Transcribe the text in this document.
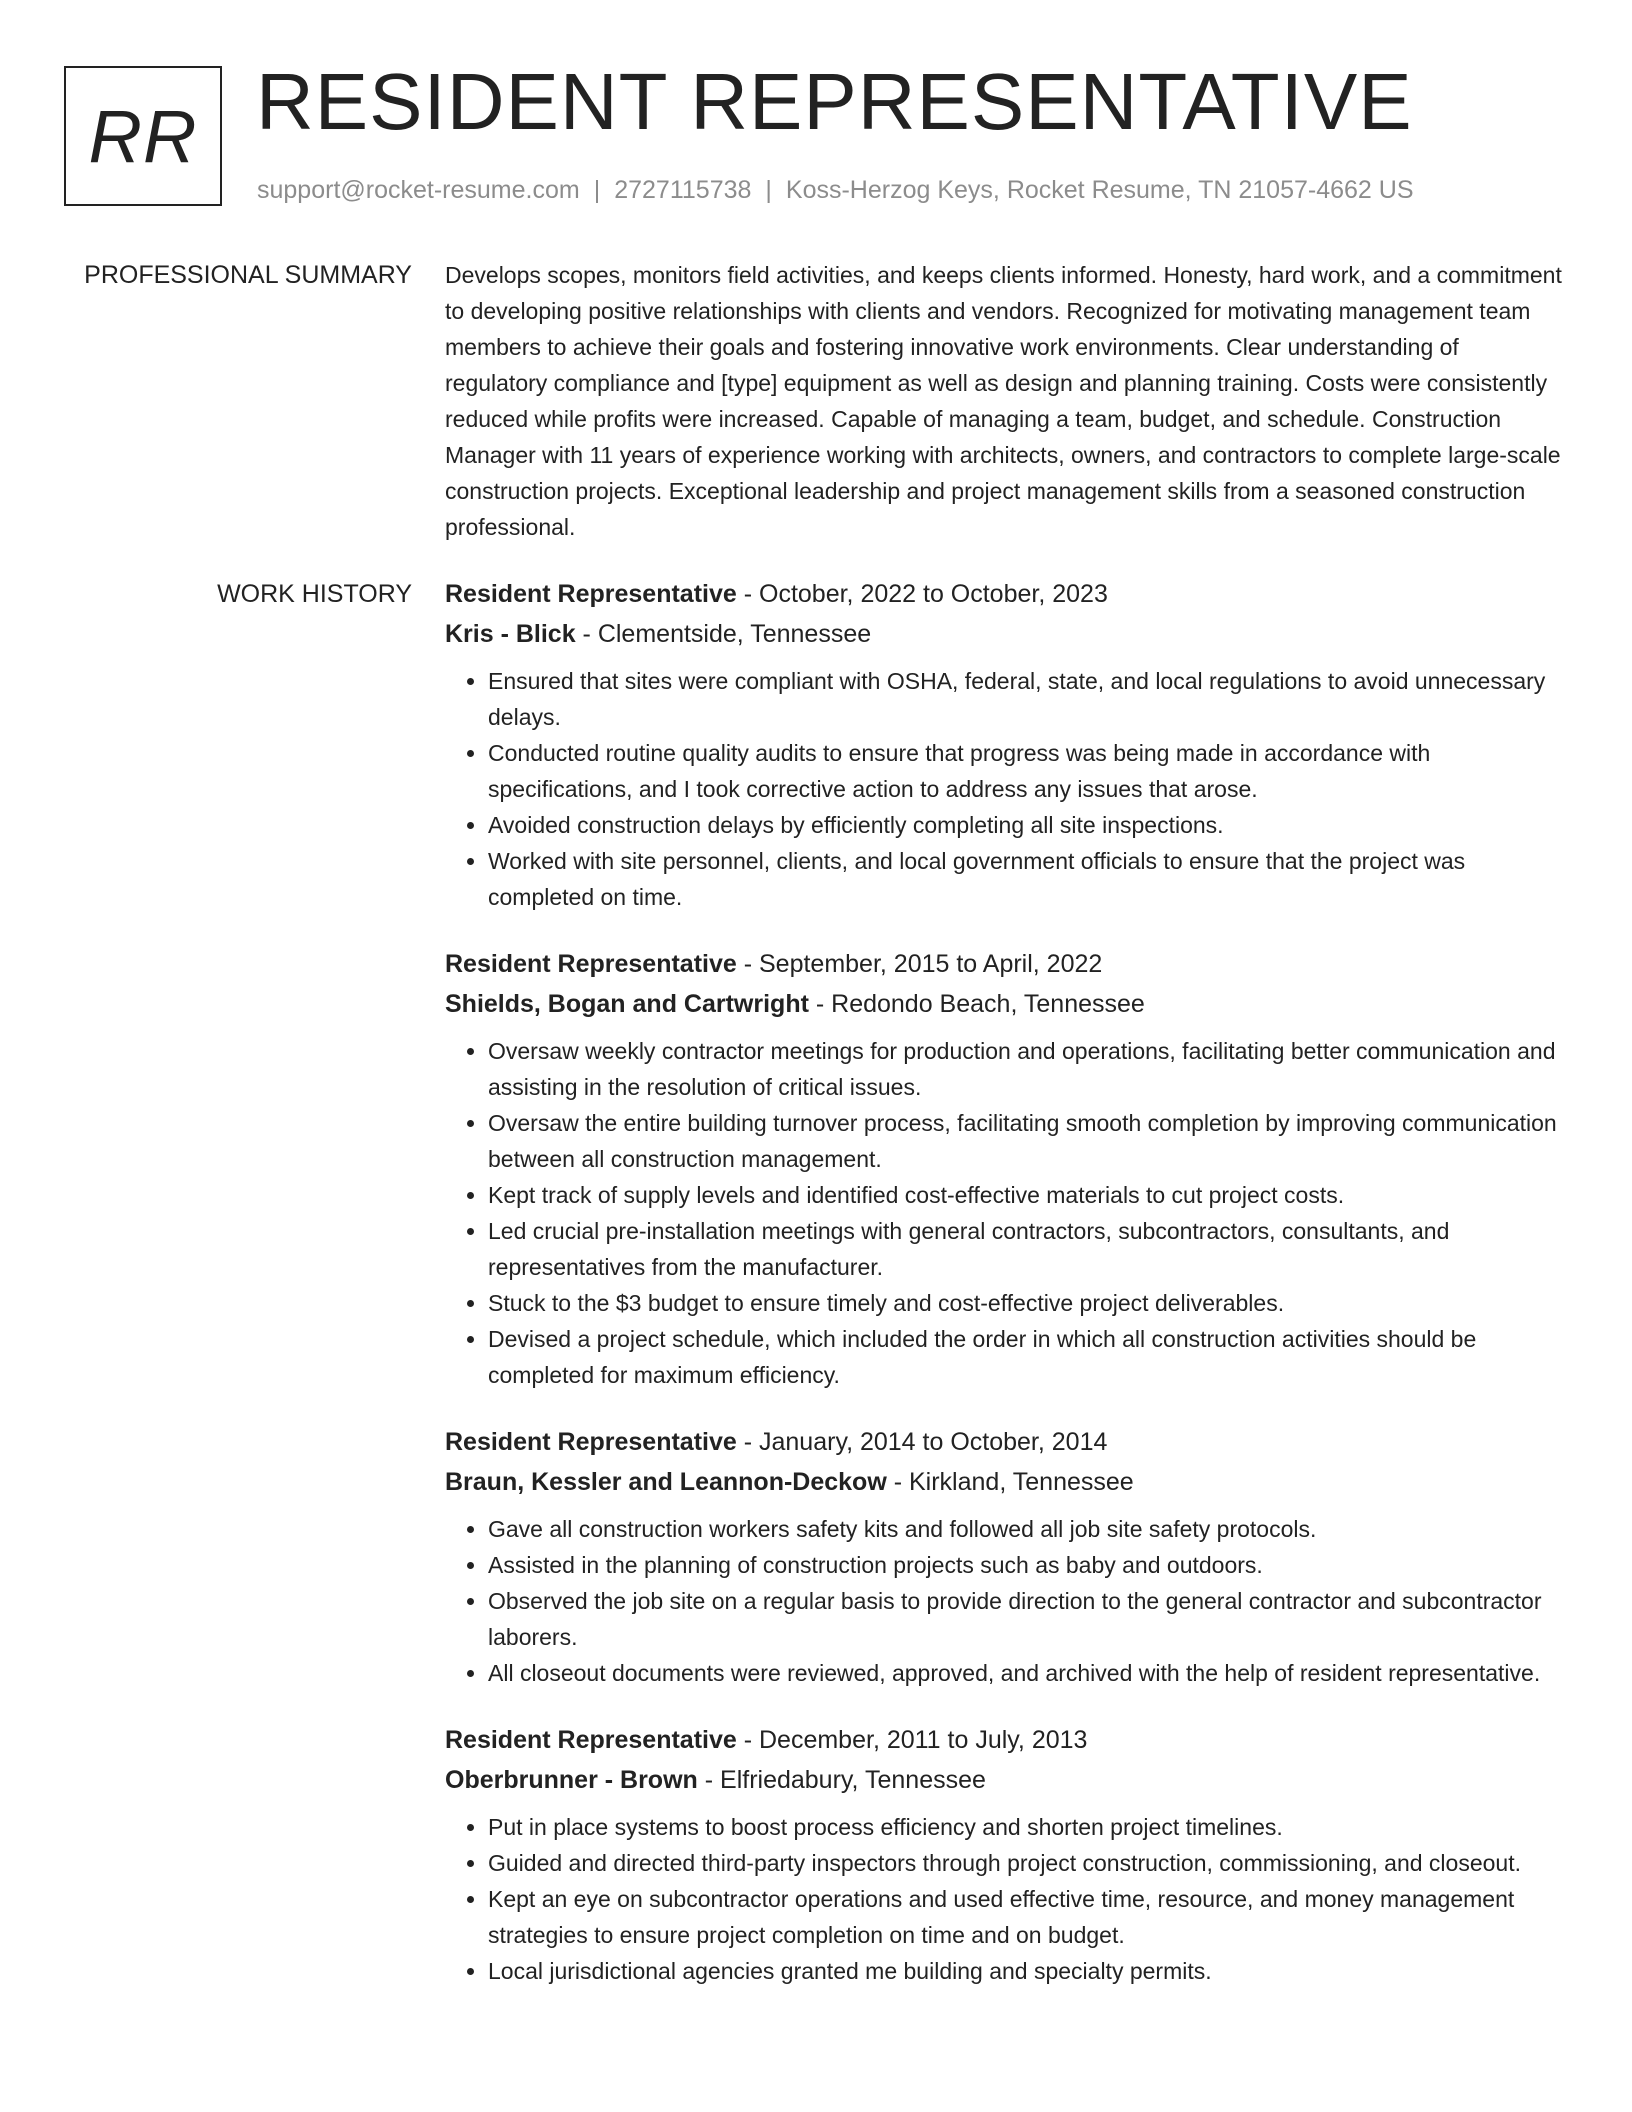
RR RESIDENT REPRESENTATIVE
support@rocket-resume.com | 2727115738 | Koss-Herzog Keys, Rocket Resume, TN 21057-4662 US
PROFESSIONAL SUMMARY Develops scopes, monitors field activities, and keeps clients informed. Honesty, hard work, and a commitment to developing positive relationships with clients and vendors. Recognized for motivating management team members to achieve their goals and fostering innovative work environments. Clear understanding of regulatory compliance and [type] equipment as well as design and planning training. Costs were consistently reduced while profits were increased. Capable of managing a team, budget, and schedule. Construction Manager with 11 years of experience working with architects, owners, and contractors to complete large-scale construction projects. Exceptional leadership and project management skills from a seasoned construction professional.

WORK HISTORY Resident Representative - October, 2022 to October, 2023
Kris - Blick - Clementside, Tennessee
• Ensured that sites were compliant with OSHA, federal, state, and local regulations to avoid unnecessary delays.
• Conducted routine quality audits to ensure that progress was being made in accordance with specifications, and I took corrective action to address any issues that arose.
• Avoided construction delays by efficiently completing all site inspections.
• Worked with site personnel, clients, and local government officials to ensure that the project was completed on time.
Resident Representative - September, 2015 to April, 2022
Shields, Bogan and Cartwright - Redondo Beach, Tennessee
• Oversaw weekly contractor meetings for production and operations, facilitating better communication and assisting in the resolution of critical issues.
• Oversaw the entire building turnover process, facilitating smooth completion by improving communication between all construction management.
• Kept track of supply levels and identified cost-effective materials to cut project costs.
• Led crucial pre-installation meetings with general contractors, subcontractors, consultants, and representatives from the manufacturer.
• Stuck to the $3 budget to ensure timely and cost-effective project deliverables.
• Devised a project schedule, which included the order in which all construction activities should be completed for maximum efficiency.
Resident Representative - January, 2014 to October, 2014
Braun, Kessler and Leannon-Deckow - Kirkland, Tennessee
• Gave all construction workers safety kits and followed all job site safety protocols.
• Assisted in the planning of construction projects such as baby and outdoors.
• Observed the job site on a regular basis to provide direction to the general contractor and subcontractor laborers.
• All closeout documents were reviewed, approved, and archived with the help of resident representative.
Resident Representative - December, 2011 to July, 2013
Oberbrunner - Brown - Elfriedabury, Tennessee
• Put in place systems to boost process efficiency and shorten project timelines.
• Guided and directed third-party inspectors through project construction, commissioning, and closeout.
• Kept an eye on subcontractor operations and used effective time, resource, and money management strategies to ensure project completion on time and on budget.
• Local jurisdictional agencies granted me building and specialty permits.
